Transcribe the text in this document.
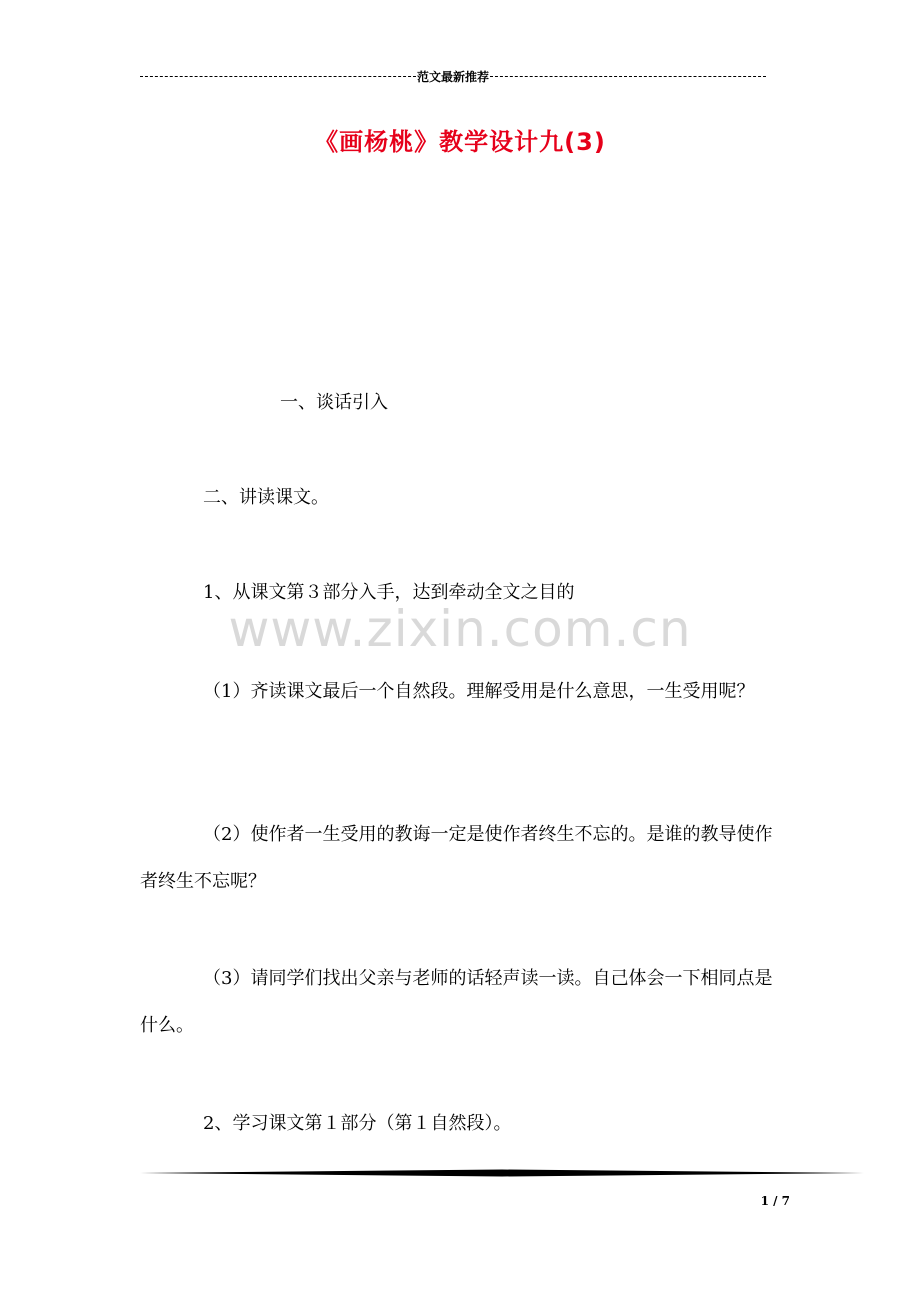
范文最新推荐
《画杨桃》教学设计九(3)
一、谈话引入
二、讲读课文。
1、从课文第３部分入手，达到牵动全文之目的
www.zixin.com.cn
（1）齐读课文最后一个自然段。理解受用是什么意思，一生受用呢？
（2）使作者一生受用的教诲一定是使作者终生不忘的。是谁的教导使作者终生不忘呢？
（3）请同学们找出父亲与老师的话轻声读一读。自己体会一下相同点是什么。
2、学习课文第１部分（第１自然段）。
1 / 7
